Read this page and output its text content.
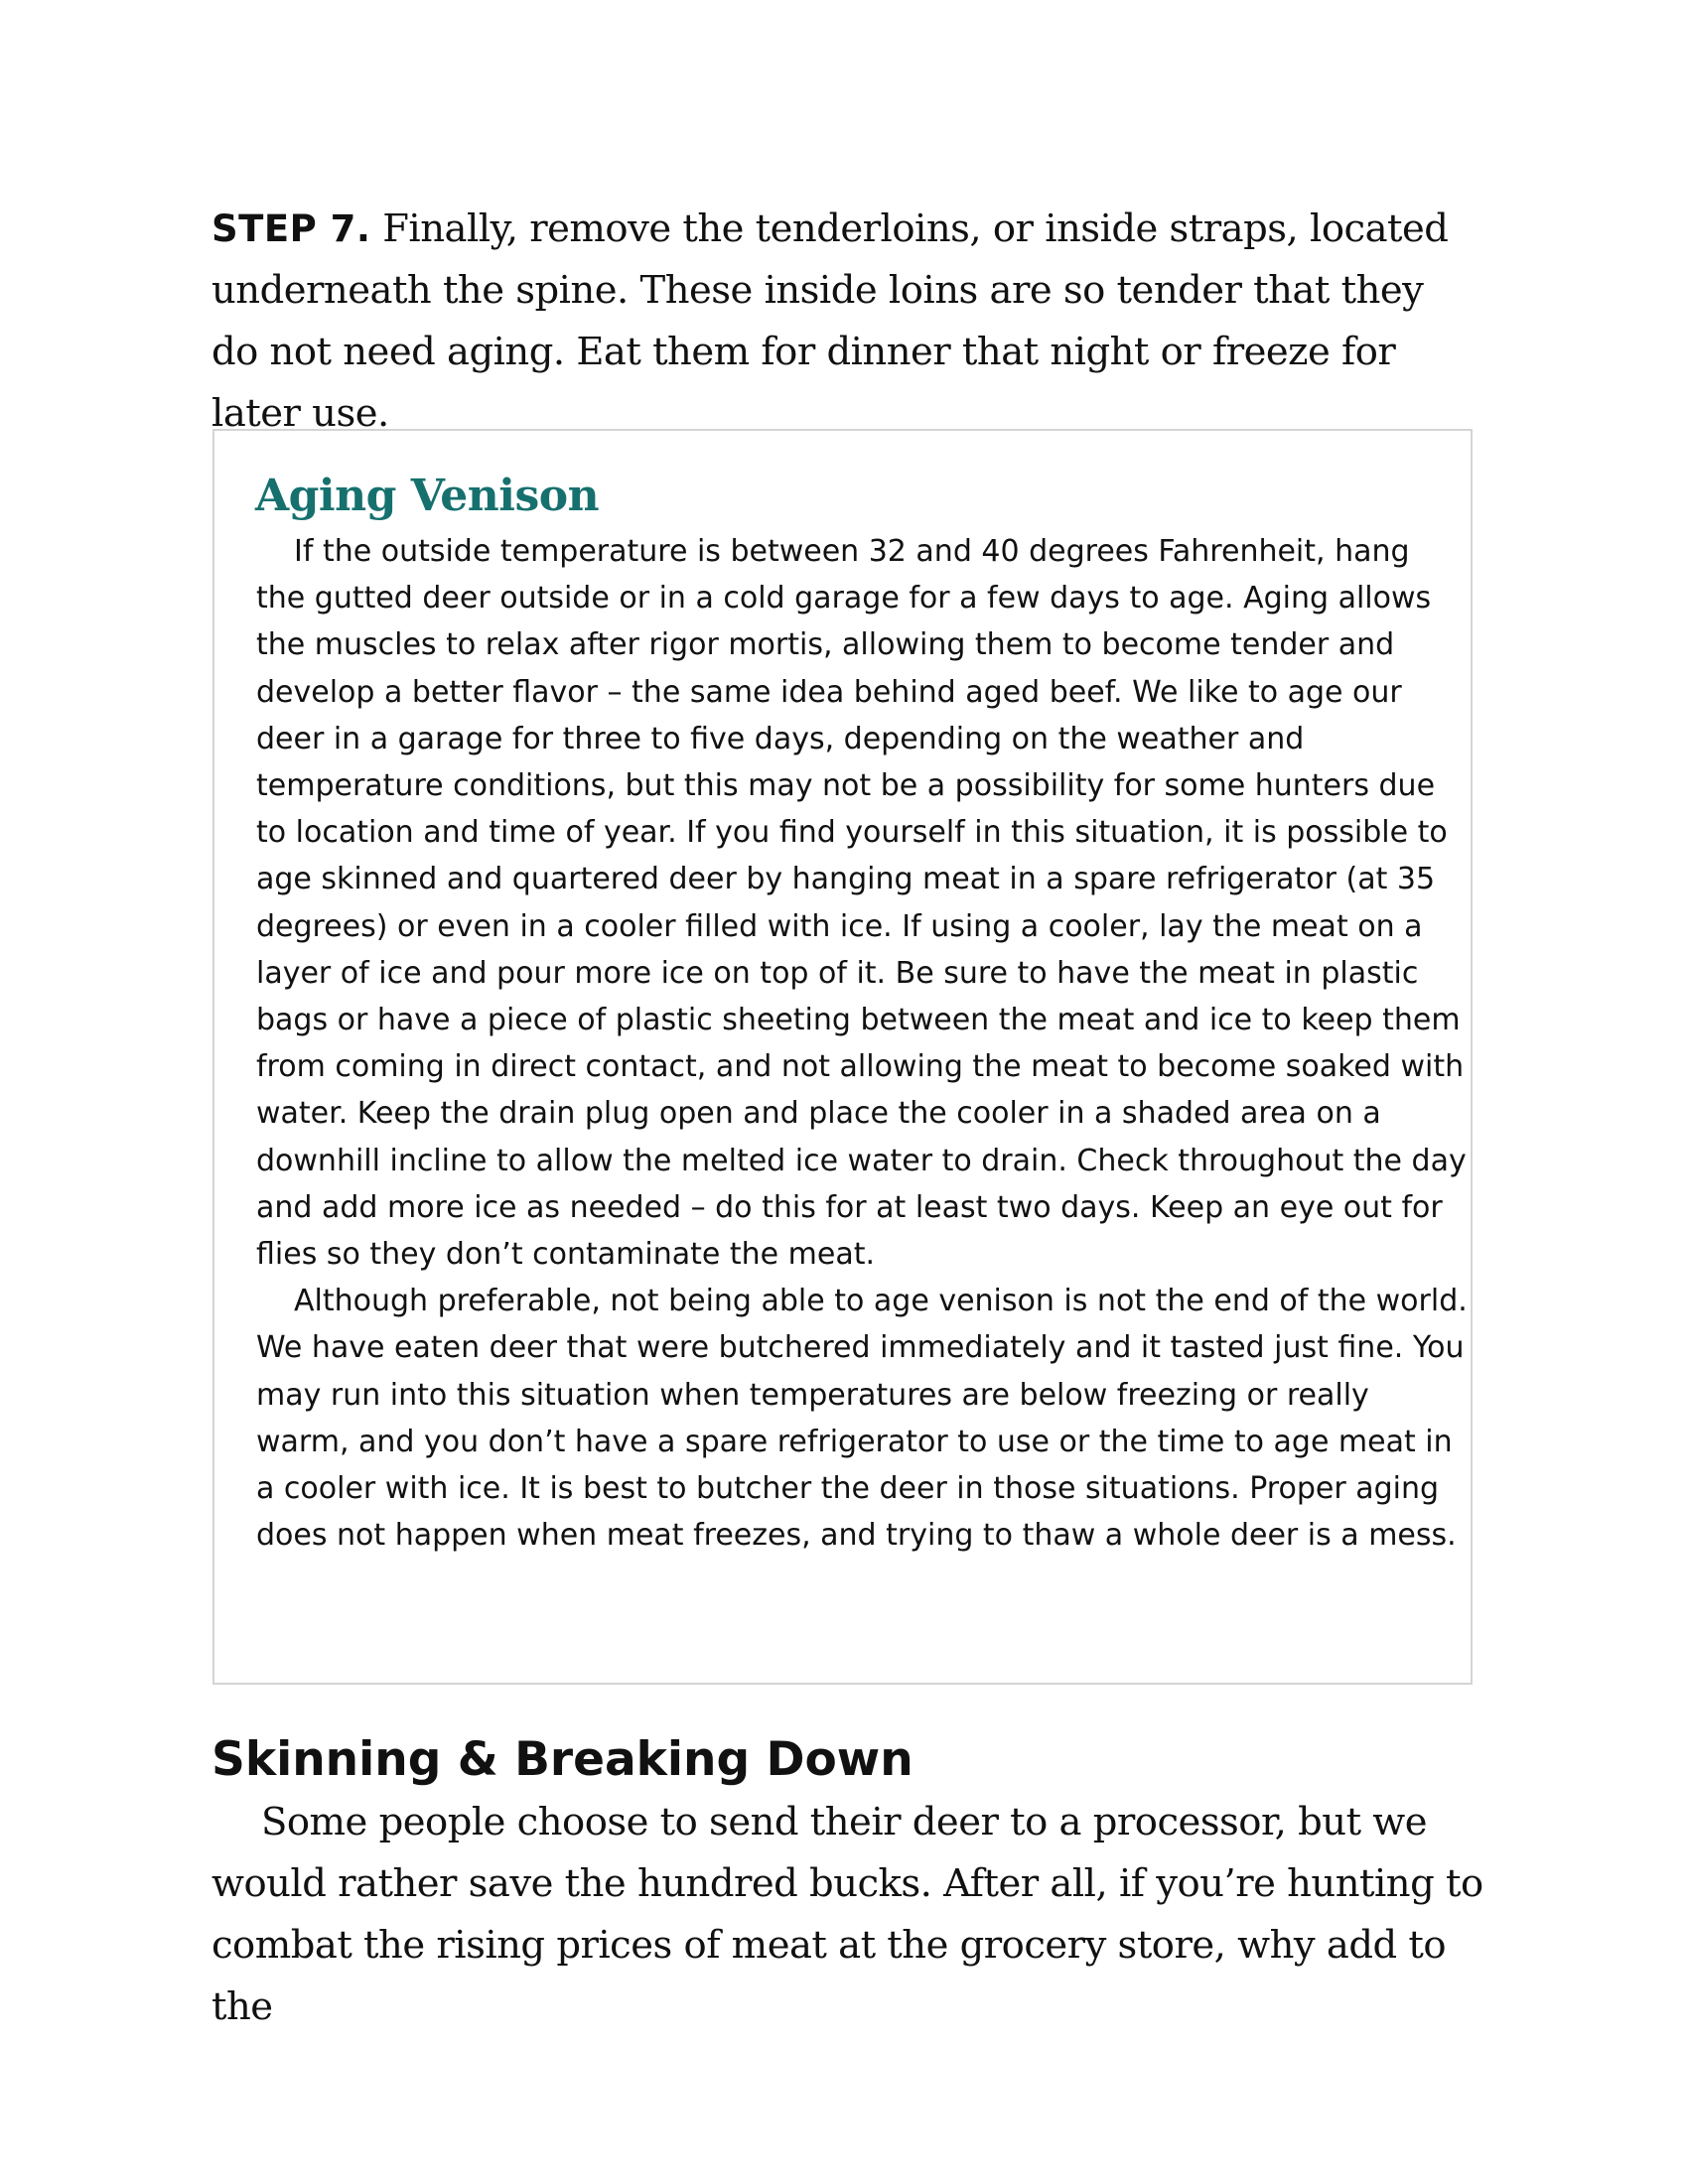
STEP 7. Finally, remove the tenderloins, or inside straps, located underneath the spine. These inside loins are so tender that they do not need aging. Eat them for dinner that night or freeze for later use.

Aging Venison

If the outside temperature is between 32 and 40 degrees Fahrenheit, hang the gutted deer outside or in a cold garage for a few days to age. Aging allows the muscles to relax after rigor mortis, allowing them to become tender and develop a better flavor – the same idea behind aged beef. We like to age our deer in a garage for three to five days, depending on the weather and temperature conditions, but this may not be a possibility for some hunters due to location and time of year. If you find yourself in this situation, it is possible to age skinned and quartered deer by hanging meat in a spare refrigerator (at 35 degrees) or even in a cooler filled with ice. If using a cooler, lay the meat on a layer of ice and pour more ice on top of it. Be sure to have the meat in plastic bags or have a piece of plastic sheeting between the meat and ice to keep them from coming in direct contact, and not allowing the meat to become soaked with water. Keep the drain plug open and place the cooler in a shaded area on a downhill incline to allow the melted ice water to drain. Check throughout the day and add more ice as needed – do this for at least two days. Keep an eye out for flies so they don’t contaminate the meat.

Although preferable, not being able to age venison is not the end of the world. We have eaten deer that were butchered immediately and it tasted just fine. You may run into this situation when temperatures are below freezing or really warm, and you don’t have a spare refrigerator to use or the time to age meat in a cooler with ice. It is best to butcher the deer in those situations. Proper aging does not happen when meat freezes, and trying to thaw a whole deer is a mess.

Skinning & Breaking Down

Some people choose to send their deer to a processor, but we would rather save the hundred bucks. After all, if you’re hunting to combat the rising prices of meat at the grocery store, why add to the
